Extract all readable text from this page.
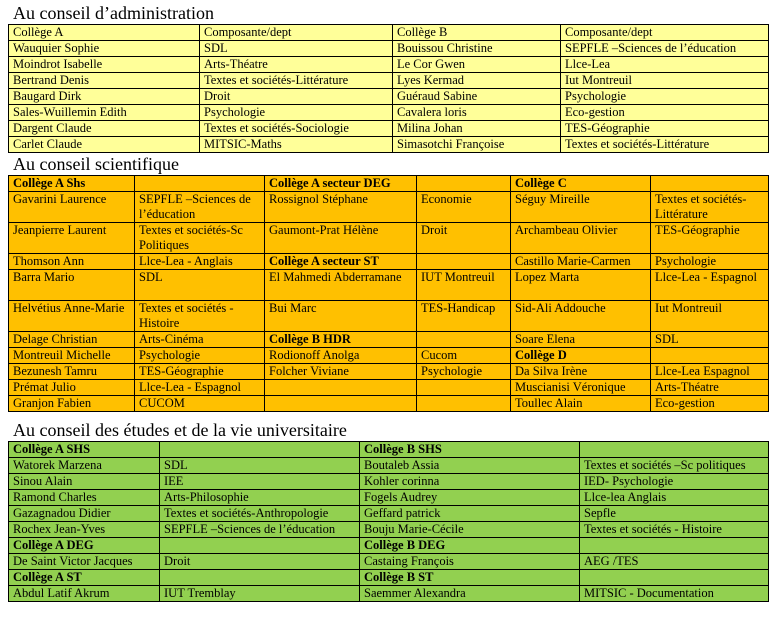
Au conseil d’administration
Collège A	Composante/dept	Collège B	Composante/dept
Wauquier Sophie	SDL	Bouissou Christine	SEPFLE –Sciences de l’éducation
Moindrot Isabelle	Arts-Théatre	Le Cor Gwen	Llce-Lea
Bertrand Denis	Textes et sociétés-Littérature	Lyes Kermad	Iut Montreuil
Baugard Dirk	Droit	Guéraud Sabine	Psychologie
Sales-Wuillemin Edith	Psychologie	Cavalera loris	Eco-gestion
Dargent Claude	Textes et sociétés-Sociologie	Milina Johan	TES-Géographie
Carlet Claude	MITSIC-Maths	Simasotchi Françoise	Textes et sociétés-Littérature
Au conseil scientifique
Collège A Shs		Collège A secteur DEG		Collège C	
Gavarini Laurence	SEPFLE –Sciences de l’éducation	Rossignol Stéphane	Economie	Séguy Mireille	Textes et sociétés-Littérature
Jeanpierre Laurent	Textes et sociétés-Sc Politiques	Gaumont-Prat Hélène	Droit	Archambeau Olivier	TES-Géographie
Thomson Ann	Llce-Lea - Anglais	Collège A secteur ST		Castillo Marie-Carmen	Psychologie
Barra Mario	SDL	El Mahmedi Abderramane	IUT Montreuil	Lopez Marta	Llce-Lea - Espagnol
Helvétius Anne-Marie	Textes et sociétés - Histoire	Bui Marc	TES-Handicap	Sid-Ali Addouche	Iut Montreuil
Delage Christian	Arts-Cinéma	Collège B HDR		Soare Elena	SDL
Montreuil Michelle	Psychologie	Rodionoff Anolga	Cucom	Collège D	
Bezunesh Tamru	TES-Géographie	Folcher Viviane	Psychologie	Da Silva Irène	Llce-Lea Espagnol
Prémat Julio	Llce-Lea - Espagnol			Muscianisi Véronique	Arts-Théatre
Granjon Fabien	CUCOM			Toullec Alain	Eco-gestion
Au conseil des études et de la vie universitaire
Collège A SHS		Collège B SHS	
Watorek Marzena	SDL	Boutaleb Assia	Textes et sociétés –Sc politiques
Sinou Alain	IEE	Kohler corinna	IED- Psychologie
Ramond Charles	Arts-Philosophie	Fogels Audrey	Llce-lea Anglais
Gazagnadou Didier	Textes et sociétés-Anthropologie	Geffard patrick	Sepfle
Rochex Jean-Yves	SEPFLE –Sciences de l’éducation	Bouju Marie-Cécile	Textes et sociétés - Histoire
Collège A DEG		Collège B DEG	
De Saint Victor Jacques	Droit	Castaing François	AEG /TES
Collège A ST		Collège B ST	
Abdul Latif Akrum	IUT Tremblay	Saemmer Alexandra	MITSIC - Documentation
